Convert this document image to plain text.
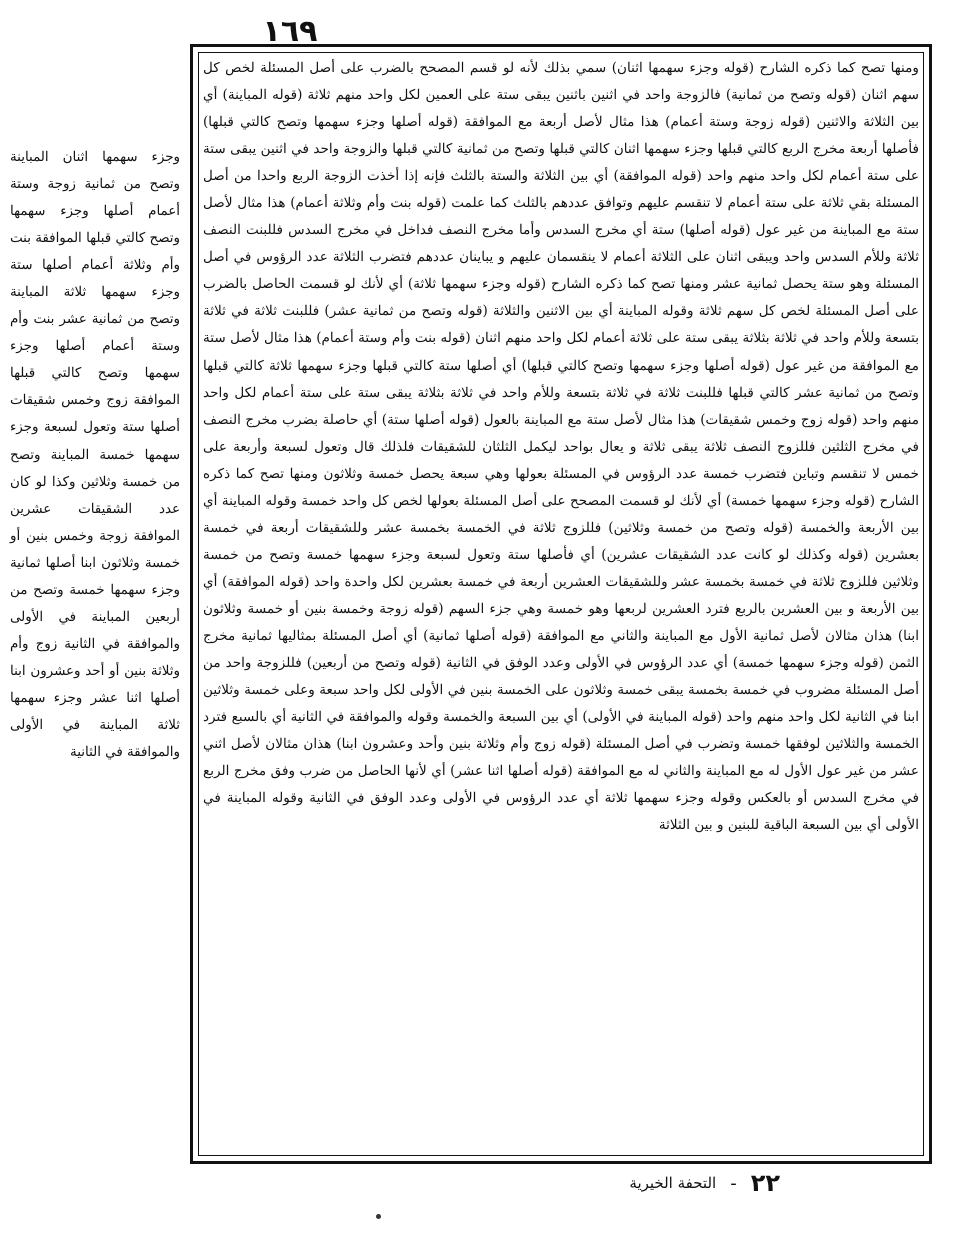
١٦٩

وجزء سهمها اثنان المباينة وتصح من ثمانية زوجة وستة أعمام أصلها وجزء سهمها وتصح كالتي قبلها الموافقة بنت وأم وثلاثة أعمام أصلها ستة وجزء سهمها ثلاثة المباينة وتصح من ثمانية عشر بنت وأم وستة أعمام أصلها وجزء سهمها وتصح كالتي قبلها الموافقة زوج وخمس شقيقات أصلها ستة وتعول لسبعة وجزء سهمها خمسة المباينة وتصح من خمسة وثلاثين وكذا لو كان عدد الشقيقات عشرين الموافقة زوجة وخمس بنين أو خمسة وثلاثون ابنا أصلها ثمانية وجزء سهمها خمسة وتصح من أربعين المباينة في الأولى والموافقة في الثانية زوج وأم وثلاثة بنين أو أحد وعشرون ابنا أصلها اثنا عشر وجزء سهمها ثلاثة المباينة في الأولى والموافقة في الثانية

ومنها تصح كما ذكره الشارح (قوله وجزء سهمها اثنان) سمي بذلك لأنه لو قسم المصحح بالضرب على أصل المسئلة لخص كل سهم اثنان (قوله وتصح من ثمانية) فالزوجة واحد في اثنين باثنين يبقى ستة على العمين لكل واحد منهم ثلاثة (قوله المباينة) أي بين الثلاثة والاثنين (قوله زوجة وستة أعمام) هذا مثال لأصل أربعة مع الموافقة (قوله أصلها وجزء سهمها وتصح كالتي قبلها) فأصلها أربعة مخرج الربع كالتي قبلها وجزء سهمها اثنان كالتي قبلها وتصح من ثمانية كالتي قبلها والزوجة واحد في اثنين يبقى ستة على ستة أعمام لكل واحد منهم واحد (قوله الموافقة) أي بين الثلاثة والستة بالثلث فإنه إذا أخذت الزوجة الربع واحدا من أصل المسئلة بقي ثلاثة على ستة أعمام لا تنقسم عليهم وتوافق عددهم بالثلث كما علمت (قوله بنت وأم وثلاثة أعمام) هذا مثال لأصل ستة مع المباينة من غير عول (قوله أصلها) ستة أي مخرج السدس وأما مخرج النصف فداخل في مخرج السدس فللبنت النصف ثلاثة وللأم السدس واحد ويبقى اثنان على الثلاثة أعمام لا ينقسمان عليهم و يباينان عددهم فتضرب الثلاثة عدد الرؤوس في أصل المسئلة وهو ستة يحصل ثمانية عشر ومنها تصح كما ذكره الشارح (قوله وجزء سهمها ثلاثة) أي لأنك لو قسمت الحاصل بالضرب على أصل المسئلة لخص كل سهم ثلاثة وقوله المباينة أي بين الاثنين والثلاثة (قوله وتصح من ثمانية عشر) فللبنت ثلاثة في ثلاثة بتسعة وللأم واحد في ثلاثة بثلاثة يبقى ستة على ثلاثة أعمام لكل واحد منهم اثنان (قوله بنت وأم وستة أعمام) هذا مثال لأصل ستة مع الموافقة من غير عول (قوله أصلها وجزء سهمها وتصح كالتي قبلها) أي أصلها ستة كالتي قبلها وجزء سهمها ثلاثة كالتي قبلها وتصح من ثمانية عشر كالتي قبلها فللبنت ثلاثة في ثلاثة بتسعة وللأم واحد في ثلاثة بثلاثة يبقى ستة على ستة أعمام لكل واحد منهم واحد (قوله زوج وخمس شقيقات) هذا مثال لأصل ستة مع المباينة بالعول (قوله أصلها ستة) أي حاصلة بضرب مخرج النصف في مخرج الثلثين فللزوج النصف ثلاثة يبقى ثلاثة و يعال بواحد ليكمل الثلثان للشقيقات فلذلك قال وتعول لسبعة وأربعة على خمس لا تنقسم وتباين فتضرب خمسة عدد الرؤوس في المسئلة بعولها وهي سبعة يحصل خمسة وثلاثون ومنها تصح كما ذكره الشارح (قوله وجزء سهمها خمسة) أي لأنك لو قسمت المصحح على أصل المسئلة بعولها لخص كل واحد خمسة وقوله المباينة أي بين الأربعة والخمسة (قوله وتصح من خمسة وثلاثين) فللزوج ثلاثة في الخمسة بخمسة عشر وللشقيقات أربعة في خمسة بعشرين (قوله وكذلك لو كانت عدد الشقيقات عشرين) أي فأصلها ستة وتعول لسبعة وجزء سهمها خمسة وتصح من خمسة وثلاثين فللزوج ثلاثة في خمسة بخمسة عشر وللشقيقات العشرين أربعة في خمسة بعشرين لكل واحدة واحد (قوله الموافقة) أي بين الأربعة و بين العشرين بالربع فترد العشرين لربعها وهو خمسة وهي جزء السهم (قوله زوجة وخمسة بنين أو خمسة وثلاثون ابنا) هذان مثالان لأصل ثمانية الأول مع المباينة والثاني مع الموافقة (قوله أصلها ثمانية) أي أصل المسئلة بمثاليها ثمانية مخرج الثمن (قوله وجزء سهمها خمسة) أي عدد الرؤوس في الأولى وعدد الوفق في الثانية (قوله وتصح من أربعين) فللزوجة واحد من أصل المسئلة مضروب في خمسة بخمسة يبقى خمسة وثلاثون على الخمسة بنين في الأولى لكل واحد سبعة وعلى خمسة وثلاثين ابنا في الثانية لكل واحد منهم واحد (قوله المباينة في الأولى) أي بين السبعة والخمسة وقوله والموافقة في الثانية أي بالسبع فترد الخمسة والثلاثين لوفقها خمسة وتضرب في أصل المسئلة (قوله زوج وأم وثلاثة بنين وأحد وعشرون ابنا) هذان مثالان لأصل اثني عشر من غير عول الأول له مع المباينة والثاني له مع الموافقة (قوله أصلها اثنا عشر) أي لأنها الحاصل من ضرب وفق مخرج الربع في مخرج السدس أو بالعكس وقوله وجزء سهمها ثلاثة أي عدد الرؤوس في الأولى وعدد الوفق في الثانية وقوله المباينة في الأولى أي بين السبعة الباقية للبنين و بين الثلاثة

٢٢
-
التحفة الخيرية
